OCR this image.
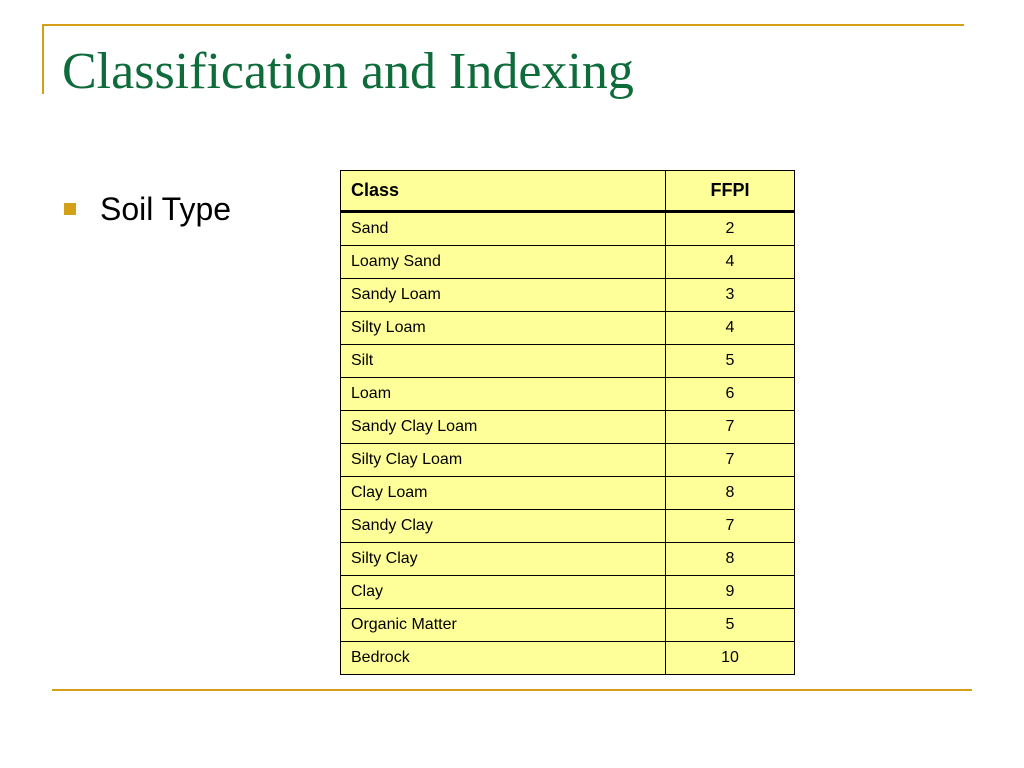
Classification and Indexing
Soil Type
Class	FFPI
Sand	2
Loamy Sand	4
Sandy Loam	3
Silty Loam	4
Silt	5
Loam	6
Sandy Clay Loam	7
Silty Clay Loam	7
Clay Loam	8
Sandy Clay	7
Silty Clay	8
Clay	9
Organic Matter	5
Bedrock	10
